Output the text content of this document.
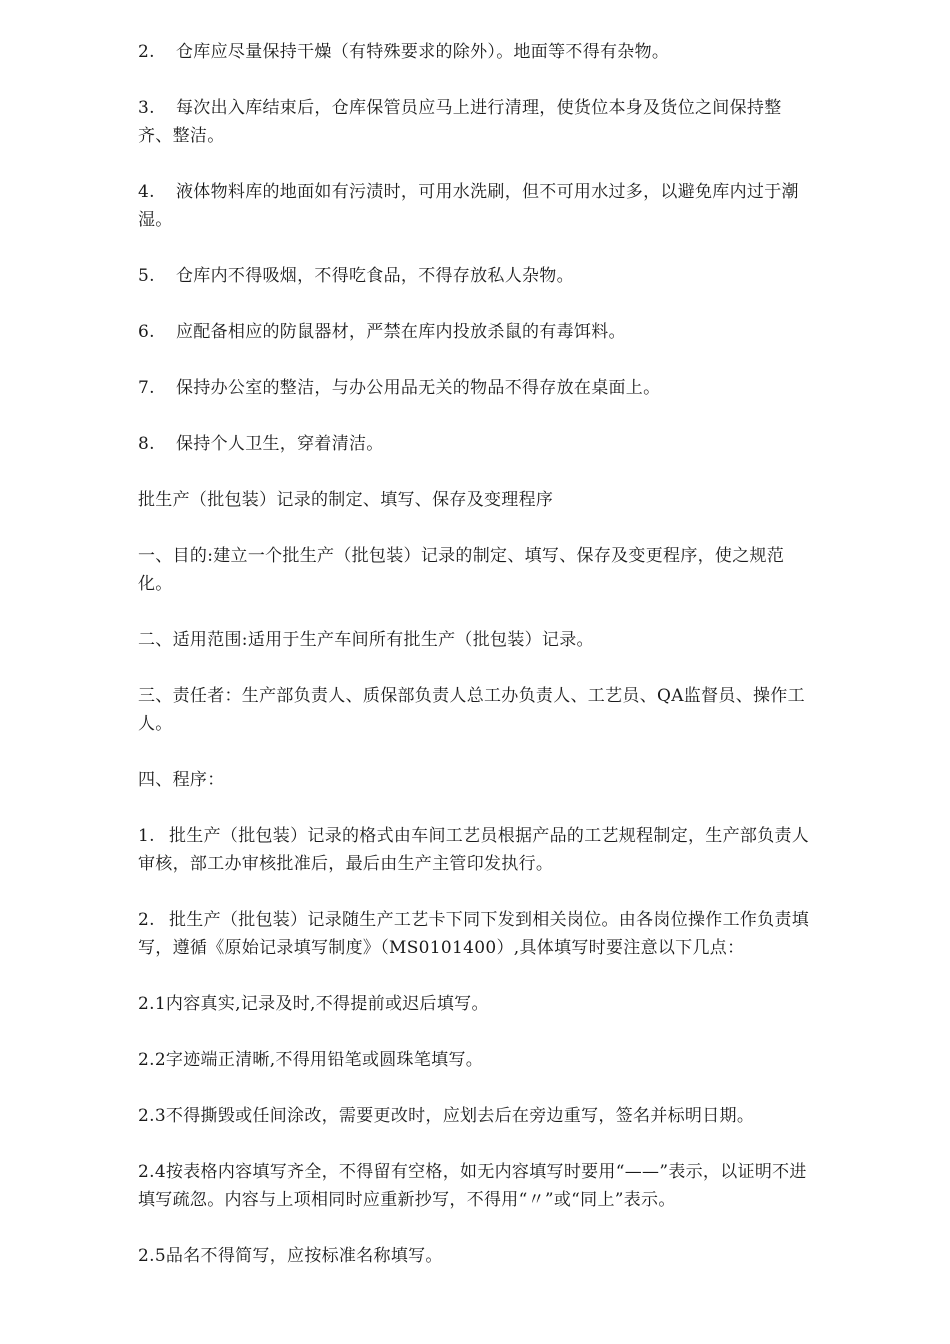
2. 仓库应尽量保持干燥（有特殊要求的除外）。地面等不得有杂物。

3. 每次出入库结束后，仓库保管员应马上进行清理，使货位本身及货位之间保持整齐、整洁。

4. 液体物料库的地面如有污渍时，可用水洗刷，但不可用水过多，以避免库内过于潮湿。

5. 仓库内不得吸烟，不得吃食品，不得存放私人杂物。

6. 应配备相应的防鼠器材，严禁在库内投放杀鼠的有毒饵料。

7. 保持办公室的整洁，与办公用品无关的物品不得存放在桌面上。

8. 保持个人卫生，穿着清洁。

批生产（批包装）记录的制定、填写、保存及变理程序

一、目的:建立一个批生产（批包装）记录的制定、填写、保存及变更程序，使之规范化。

二、适用范围:适用于生产车间所有批生产（批包装）记录。

三、责任者：生产部负责人、质保部负责人总工办负责人、工艺员、QA监督员、操作工人。

四、程序：

1. 批生产（批包装）记录的格式由车间工艺员根据产品的工艺规程制定，生产部负责人审核，部工办审核批准后，最后由生产主管印发执行。

2. 批生产（批包装）记录随生产工艺卡下同下发到相关岗位。由各岗位操作工作负责填写，遵循《原始记录填写制度》（MS0101400）,具体填写时要注意以下几点：

2.1内容真实,记录及时,不得提前或迟后填写。

2.2字迹端正清晰,不得用铅笔或圆珠笔填写。

2.3不得撕毁或任间涂改，需要更改时，应划去后在旁边重写，签名并标明日期。

2.4按表格内容填写齐全，不得留有空格，如无内容填写时要用“——”表示，以证明不进填写疏忽。内容与上项相同时应重新抄写，不得用“〃”或“同上”表示。

2.5品名不得简写，应按标准名称填写。
